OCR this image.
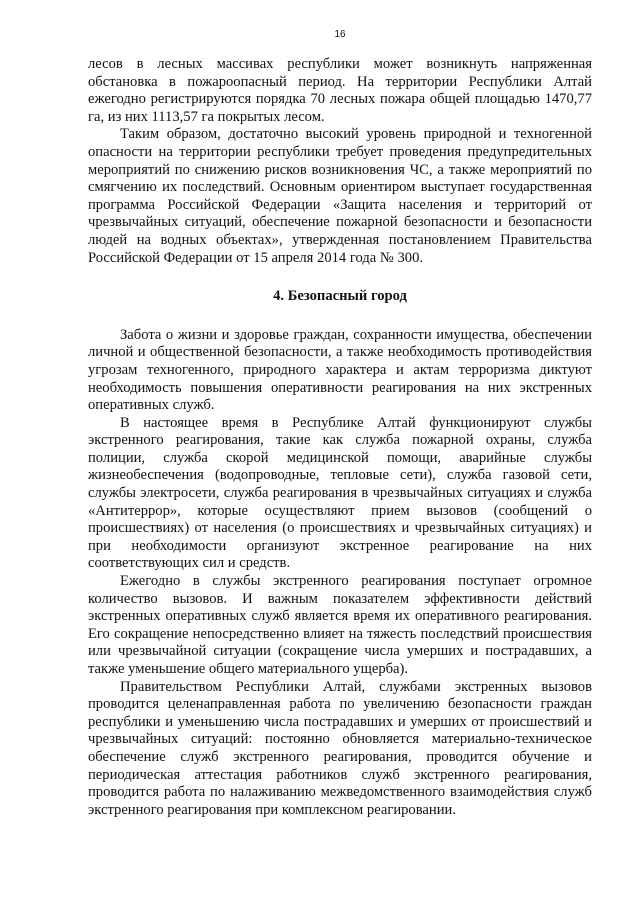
16

лесов в лесных массивах республики может возникнуть напряженная обстановка в пожароопасный период. На территории Республики Алтай ежегодно регистрируются порядка 70 лесных пожара общей площадью 1470,77 га, из них 1113,57 га покрытых лесом.

Таким образом, достаточно высокий уровень природной и техногенной опасности на территории республики требует проведения предупредительных мероприятий по снижению рисков возникновения ЧС, а также мероприятий по смягчению их последствий. Основным ориентиром выступает государственная программа Российской Федерации «Защита населения и территорий от чрезвычайных ситуаций, обеспечение пожарной безопасности и безопасности людей на водных объектах», утвержденная постановлением Правительства Российской Федерации от 15 апреля 2014 года № 300.

4. Безопасный город

Забота о жизни и здоровье граждан, сохранности имущества, обеспечении личной и общественной безопасности, а также необходимость противодействия угрозам техногенного, природного характера и актам терроризма диктуют необходимость повышения оперативности реагирования на них экстренных оперативных служб.

В настоящее время в Республике Алтай функционируют службы экстренного реагирования, такие как служба пожарной охраны, служба полиции, служба скорой медицинской помощи, аварийные службы жизнеобеспечения (водопроводные, тепловые сети), служба газовой сети, службы электросети, служба реагирования в чрезвычайных ситуациях и служба «Антитеррор», которые осуществляют прием вызовов (сообщений о происшествиях) от населения (о происшествиях и чрезвычайных ситуациях) и при необходимости организуют экстренное реагирование на них соответствующих сил и средств.

Ежегодно в службы экстренного реагирования поступает огромное количество вызовов. И важным показателем эффективности действий экстренных оперативных служб является время их оперативного реагирования. Его сокращение непосредственно влияет на тяжесть последствий происшествия или чрезвычайной ситуации (сокращение числа умерших и пострадавших, а также уменьшение общего материального ущерба).

Правительством Республики Алтай, службами экстренных вызовов проводится целенаправленная работа по увеличению безопасности граждан республики и уменьшению числа пострадавших и умерших от происшествий и чрезвычайных ситуаций: постоянно обновляется материально-техническое обеспечение служб экстренного реагирования, проводится обучение и периодическая аттестация работников служб экстренного реагирования, проводится работа по налаживанию межведомственного взаимодействия служб экстренного реагирования при комплексном реагировании.
